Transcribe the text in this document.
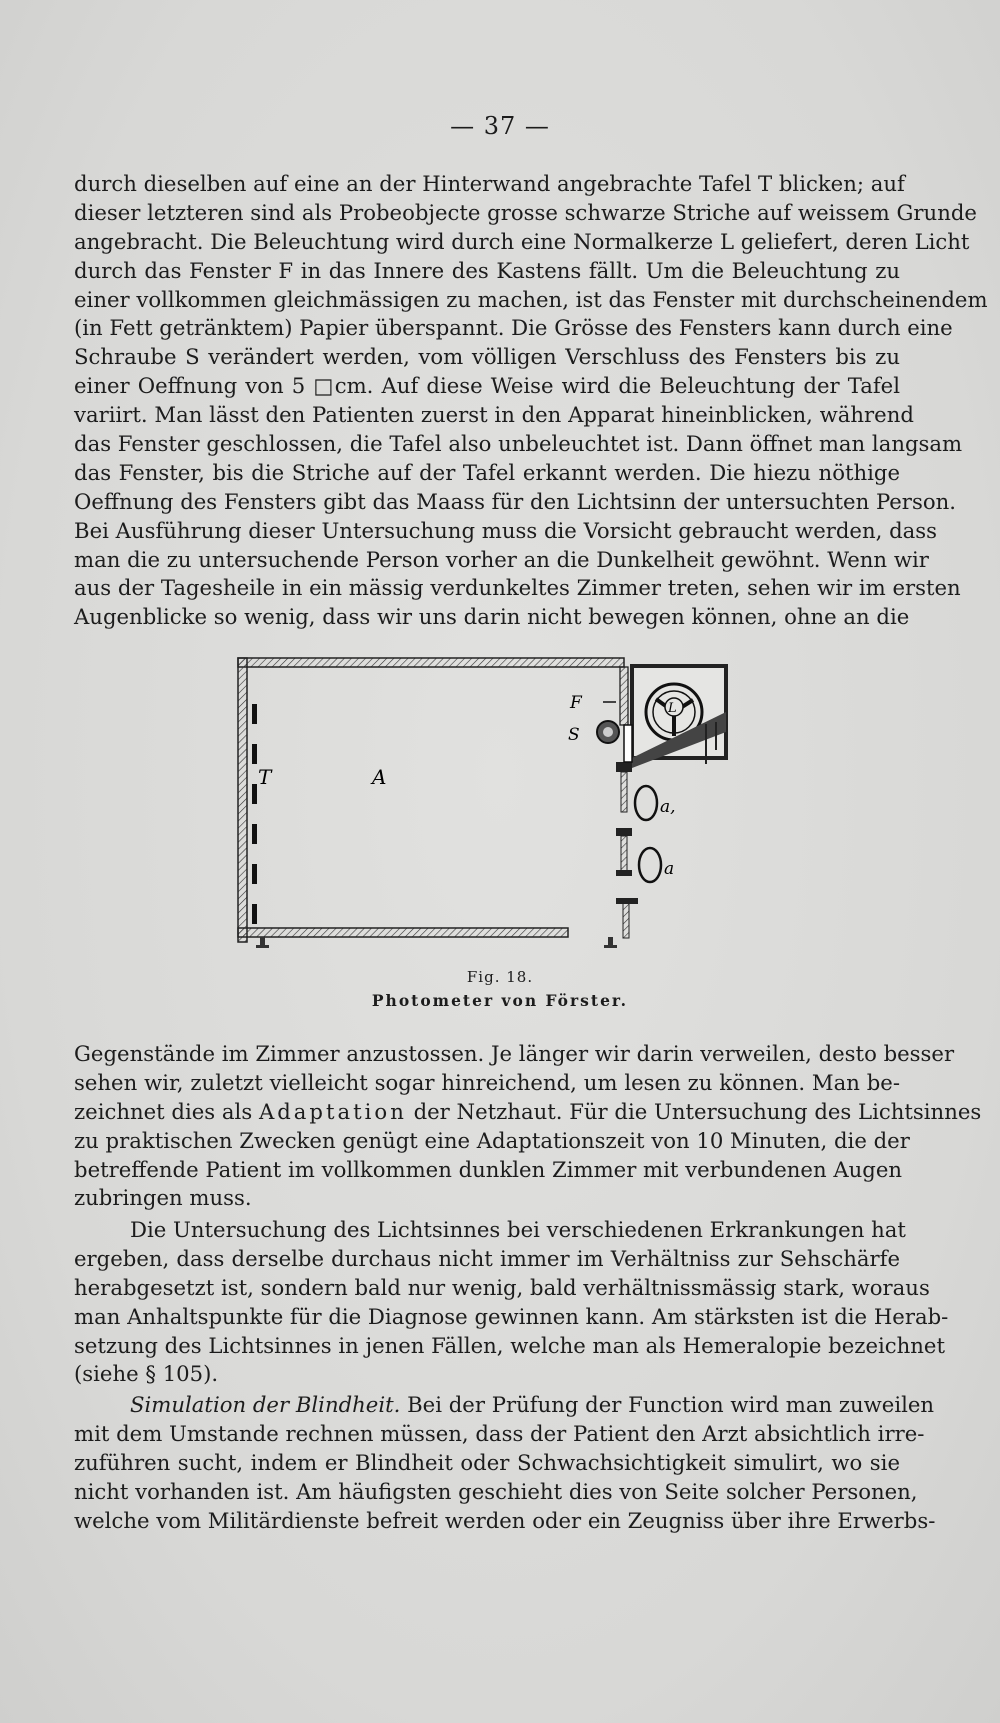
— 37 —
durch dieselben auf eine an der Hinterwand angebrachte Tafel T blicken; auf
dieser letzteren sind als Probeobjecte grosse schwarze Striche auf weissem Grunde
angebracht. Die Beleuchtung wird durch eine Normalkerze L geliefert, deren Licht
durch das Fenster F in das Innere des Kastens fällt. Um die Beleuchtung zu
einer vollkommen gleichmässigen zu machen, ist das Fenster mit durchscheinendem
(in Fett getränktem) Papier überspannt. Die Grösse des Fensters kann durch eine
Schraube S verändert werden, vom völligen Verschluss des Fensters bis zu
einer Oeffnung von 5 □cm. Auf diese Weise wird die Beleuchtung der Tafel
variirt. Man lässt den Patienten zuerst in den Apparat hineinblicken, während
das Fenster geschlossen, die Tafel also unbeleuchtet ist. Dann öffnet man langsam
das Fenster, bis die Striche auf der Tafel erkannt werden. Die hiezu nöthige
Oeffnung des Fensters gibt das Maass für den Lichtsinn der untersuchten Person.
Bei Ausführung dieser Untersuchung muss die Vorsicht gebraucht werden, dass
man die zu untersuchende Person vorher an die Dunkelheit gewöhnt. Wenn wir
aus der Tagesheile in ein mässig verdunkeltes Zimmer treten, sehen wir im ersten
Augenblicke so wenig, dass wir uns darin nicht bewegen können, ohne an die
L
T	A
F
S
a,
a
Fig. 18.
Photometer von Förster.
Gegenstände im Zimmer anzustossen. Je länger wir darin verweilen, desto besser
sehen wir, zuletzt vielleicht sogar hinreichend, um lesen zu können. Man be-
zeichnet dies als Adaptation der Netzhaut. Für die Untersuchung des Lichtsinnes
zu praktischen Zwecken genügt eine Adaptationszeit von 10 Minuten, die der
betreffende Patient im vollkommen dunklen Zimmer mit verbundenen Augen
zubringen muss.
Die Untersuchung des Lichtsinnes bei verschiedenen Erkrankungen hat
ergeben, dass derselbe durchaus nicht immer im Verhältniss zur Sehschärfe
herabgesetzt ist, sondern bald nur wenig, bald verhältnissmässig stark, woraus
man Anhaltspunkte für die Diagnose gewinnen kann. Am stärksten ist die Herab-
setzung des Lichtsinnes in jenen Fällen, welche man als Hemeralopie bezeichnet
(siehe § 105).
Simulation der Blindheit. Bei der Prüfung der Function wird man zuweilen
mit dem Umstande rechnen müssen, dass der Patient den Arzt absichtlich irre-
zuführen sucht, indem er Blindheit oder Schwachsichtigkeit simulirt, wo sie
nicht vorhanden ist. Am häufigsten geschieht dies von Seite solcher Personen,
welche vom Militärdienste befreit werden oder ein Zeugniss über ihre Erwerbs-
